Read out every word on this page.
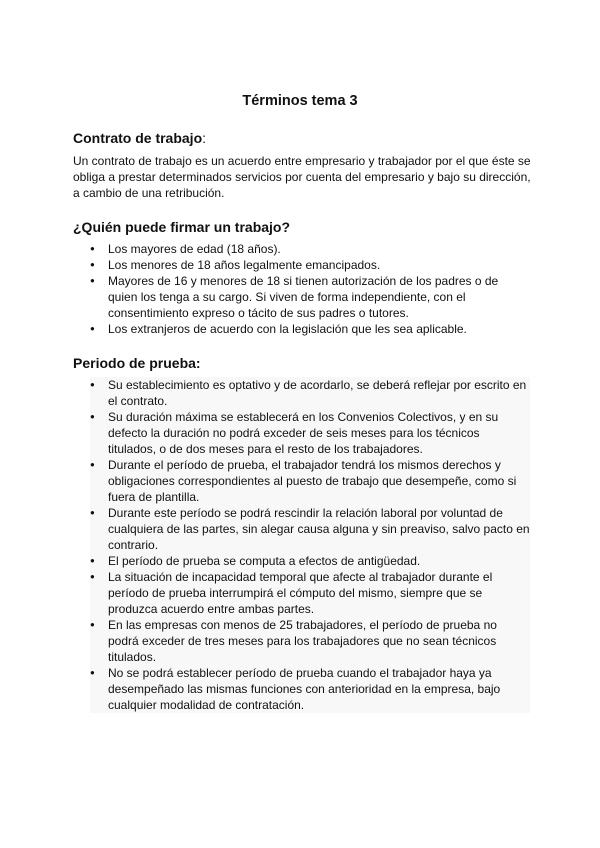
Términos tema 3
Contrato de trabajo:

Un contrato de trabajo es un acuerdo entre empresario y trabajador por el que éste se obliga a prestar determinados servicios por cuenta del empresario y bajo su dirección, a cambio de una retribución.

¿Quién puede firmar un trabajo?
● Los mayores de edad (18 años).
● Los menores de 18 años legalmente emancipados.
● Mayores de 16 y menores de 18 si tienen autorización de los padres o de quien los tenga a su cargo. Si viven de forma independiente, con el consentimiento expreso o tácito de sus padres o tutores.
● Los extranjeros de acuerdo con la legislación que les sea aplicable.
Periodo de prueba:
● Su establecimiento es optativo y de acordarlo, se deberá reflejar por escrito en el contrato.
● Su duración máxima se establecerá en los Convenios Colectivos, y en su defecto la duración no podrá exceder de seis meses para los técnicos titulados, o de dos meses para el resto de los trabajadores.
● Durante el período de prueba, el trabajador tendrá los mismos derechos y obligaciones correspondientes al puesto de trabajo que desempeñe, como si fuera de plantilla.
● Durante este período se podrá rescindir la relación laboral por voluntad de cualquiera de las partes, sin alegar causa alguna y sin preaviso, salvo pacto en contrario.
● El período de prueba se computa a efectos de antigüedad.
● La situación de incapacidad temporal que afecte al trabajador durante el período de prueba interrumpirá el cómputo del mismo, siempre que se produzca acuerdo entre ambas partes.
● En las empresas con menos de 25 trabajadores, el período de prueba no podrá exceder de tres meses para los trabajadores que no sean técnicos titulados.
● No se podrá establecer período de prueba cuando el trabajador haya ya desempeñado las mismas funciones con anterioridad en la empresa, bajo cualquier modalidad de contratación.
